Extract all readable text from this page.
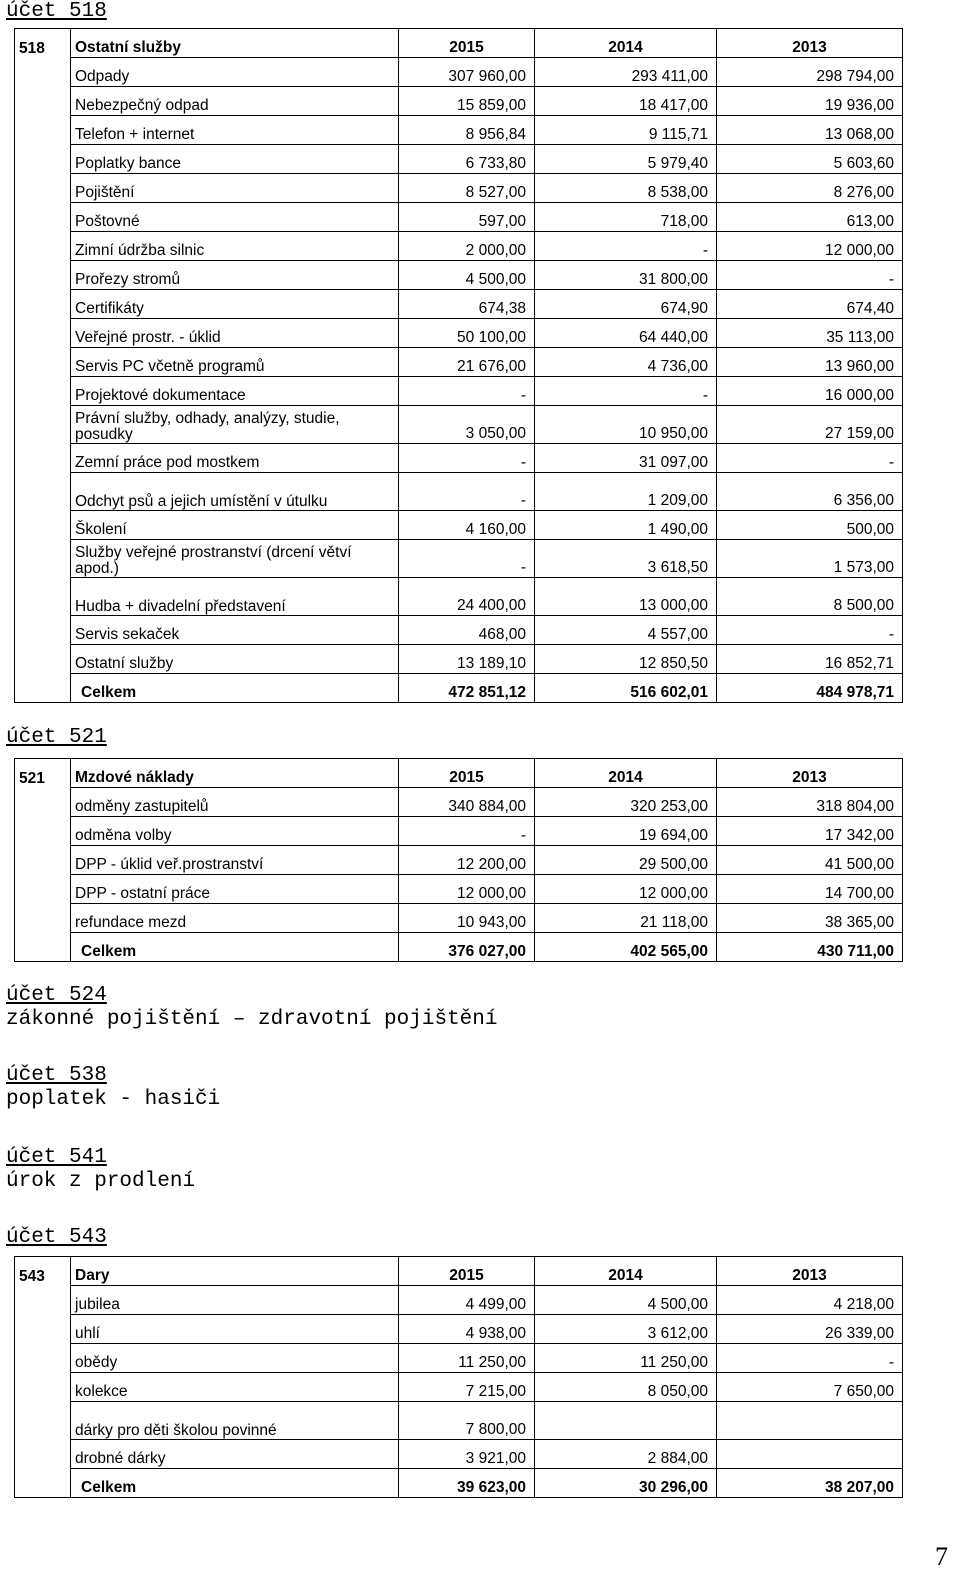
účet 518
518	Ostatní služby	2015	2014	2013
	Odpady	307 960,00	293 411,00	298 794,00
	Nebezpečný odpad	15 859,00	18 417,00	19 936,00
	Telefon + internet	8 956,84	9 115,71	13 068,00
	Poplatky bance	6 733,80	5 979,40	5 603,60
	Pojištění	8 527,00	8 538,00	8 276,00
	Poštovné	597,00	718,00	613,00
	Zimní údržba silnic	2 000,00	-	12 000,00
	Prořezy stromů	4 500,00	31 800,00	-
	Certifikáty	674,38	674,90	674,40
	Veřejné prostr. - úklid	50 100,00	64 440,00	35 113,00
	Servis PC včetně programů	21 676,00	4 736,00	13 960,00
	Projektové dokumentace	-	-	16 000,00
	Právní služby, odhady, analýzy, studie, posudky	3 050,00	10 950,00	27 159,00
	Zemní práce pod mostkem	-	31 097,00	-
	Odchyt psů a jejich umístění v útulku	-	1 209,00	6 356,00
	Školení	4 160,00	1 490,00	500,00
	Služby veřejné prostranství (drcení větví apod.)	-	3 618,50	1 573,00
	Hudba + divadelní představení	24 400,00	13 000,00	8 500,00
	Servis sekaček	468,00	4 557,00	-
	Ostatní služby	13 189,10	12 850,50	16 852,71
	Celkem	472 851,12	516 602,01	484 978,71
účet 521
521	Mzdové náklady	2015	2014	2013
	odměny zastupitelů	340 884,00	320 253,00	318 804,00
	odměna volby	-	19 694,00	17 342,00
	DPP - úklid veř.prostranství	12 200,00	29 500,00	41 500,00
	DPP - ostatní práce	12 000,00	12 000,00	14 700,00
	refundace mezd	10 943,00	21 118,00	38 365,00
	Celkem	376 027,00	402 565,00	430 711,00
účet 524
zákonné pojištění – zdravotní pojištění
účet 538
poplatek - hasiči
účet 541
úrok z prodlení
účet 543
543	Dary	2015	2014	2013
	jubilea	4 499,00	4 500,00	4 218,00
	uhlí	4 938,00	3 612,00	26 339,00
	obědy	11 250,00	11 250,00	-
	kolekce	7 215,00	8 050,00	7 650,00
	dárky pro děti školou povinné	7 800,00		
	drobné dárky	3 921,00	2 884,00	
	Celkem	39 623,00	30 296,00	38 207,00
7
